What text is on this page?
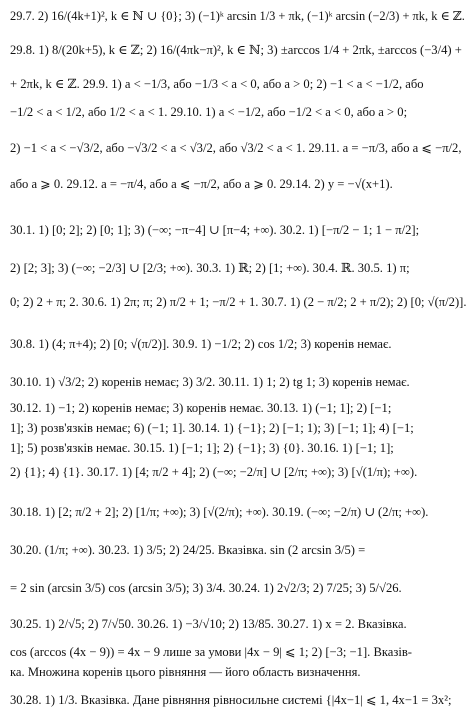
29.7. 2) 16/(4k+1)², k ∈ ℕ ∪ {0}; 3) (−1)ᵏ arcsin 1/3 + πk, (−1)ᵏ arcsin (−2/3) + πk, k ∈ ℤ.
29.8. 1) 8/(20k+5), k ∈ ℤ; 2) 16/(4πk−π)², k ∈ ℕ; 3) ±arccos 1/4 + 2πk, ±arccos (−3/4) +
+ 2πk, k ∈ ℤ. 29.9. 1) a < −1/3, або −1/3 < a < 0, або a > 0; 2) −1 < a < −1/2, або
−1/2 < a < 1/2, або 1/2 < a < 1. 29.10. 1) a < −1/2, або −1/2 < a < 0, або a > 0;
2) −1 < a < −√3/2, або −√3/2 < a < √3/2, або √3/2 < a < 1. 29.11. a = −π/3, або a ⩽ −π/2,
або a ⩾ 0. 29.12. a = −π/4, або a ⩽ −π/2, або a ⩾ 0. 29.14. 2) y = −√(x+1).
30.1. 1) [0; 2]; 2) [0; 1]; 3) (−∞; −π−4] ∪ [π−4; +∞). 30.2. 1) [−π/2 − 1; 1 − π/2];
2) [2; 3]; 3) (−∞; −2/3] ∪ [2/3; +∞). 30.3. 1) ℝ; 2) [1; +∞). 30.4. ℝ. 30.5. 1) π;
0; 2) 2 + π; 2. 30.6. 1) 2π; π; 2) π/2 + 1; −π/2 + 1. 30.7. 1) (2 − π/2; 2 + π/2); 2) [0; √(π/2)].
30.8. 1) (4; π+4); 2) [0; √(π/2)]. 30.9. 1) −1/2; 2) cos 1/2; 3) коренів немає.
30.10. 1) √3/2; 2) коренів немає; 3) 3/2. 30.11. 1) 1; 2) tg 1; 3) коренів немає.
30.12. 1) −1; 2) коренів немає; 3) коренів немає. 30.13. 1) (−1; 1]; 2) [−1;
1]; 3) розв'язків немає; 6) (−1; 1]. 30.14. 1) {−1}; 2) [−1; 1); 3) [−1; 1]; 4) [−1;
1]; 5) розв'язків немає. 30.15. 1) [−1; 1]; 2) {−1}; 3) {0}. 30.16. 1) [−1; 1];
2) {1}; 4) {1}. 30.17. 1) [4; π/2 + 4]; 2) (−∞; −2/π] ∪ [2/π; +∞); 3) [√(1/π); +∞).
30.18. 1) [2; π/2 + 2]; 2) [1/π; +∞); 3) [√(2/π); +∞). 30.19. (−∞; −2/π) ∪ (2/π; +∞).
30.20. (1/π; +∞). 30.23. 1) 3/5; 2) 24/25. Вказівка. sin (2 arcsin 3/5) =
= 2 sin (arcsin 3/5) cos (arcsin 3/5); 3) 3/4. 30.24. 1) 2√2/3; 2) 7/25; 3) 5/√26.
30.25. 1) 2/√5; 2) 7/√50. 30.26. 1) −3/√10; 2) 13/85. 30.27. 1) x = 2. Вказівка.
cos (arccos (4x − 9)) = 4x − 9 лише за умови |4x − 9| ⩽ 1; 2) [−3; −1]. Вказів-
ка. Множина коренів цього рівняння — його область визначення.
30.28. 1) 1/3. Вказівка. Дане рівняння рівносильне системі {|4x−1| ⩽ 1, 4x−1 = 3x²;
